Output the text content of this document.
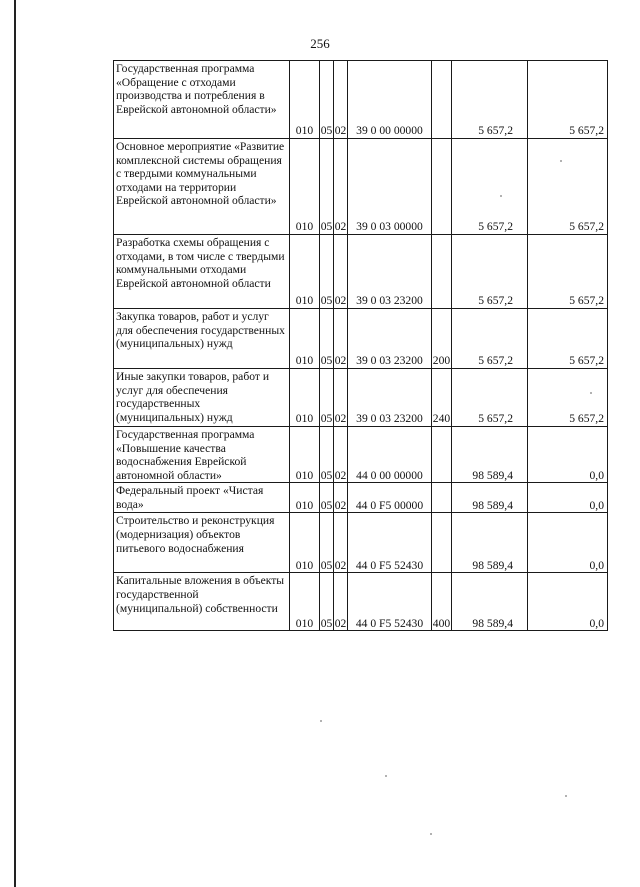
256
Государственная программа «Обращение с отходами производства и потребления в Еврейской автономной области»	010	05	02	39 0 00 00000		5 657,2	5 657,2
Основное мероприятие «Развитие комплексной системы обращения с твердыми коммунальными отходами на территории Еврейской автономной области»	010	05	02	39 0 03 00000		5 657,2	5 657,2
Разработка схемы обращения с отходами, в том числе с твердыми коммунальными отходами Еврейской автономной области	010	05	02	39 0 03 23200		5 657,2	5 657,2
Закупка товаров, работ и услуг для обеспечения государственных (муниципальных) нужд	010	05	02	39 0 03 23200	200	5 657,2	5 657,2
Иные закупки товаров, работ и услуг для обеспечения государственных (муниципальных) нужд	010	05	02	39 0 03 23200	240	5 657,2	5 657,2
Государственная программа «Повышение качества водоснабжения Еврейской автономной области»	010	05	02	44 0 00 00000		98 589,4	0,0
Федеральный проект «Чистая вода»	010	05	02	44 0 F5 00000		98 589,4	0,0
Строительство и реконструкция (модернизация) объектов питьевого водоснабжения	010	05	02	44 0 F5 52430		98 589,4	0,0
Капитальные вложения в объекты государственной (муниципальной) собственности	010	05	02	44 0 F5 52430	400	98 589,4	0,0
